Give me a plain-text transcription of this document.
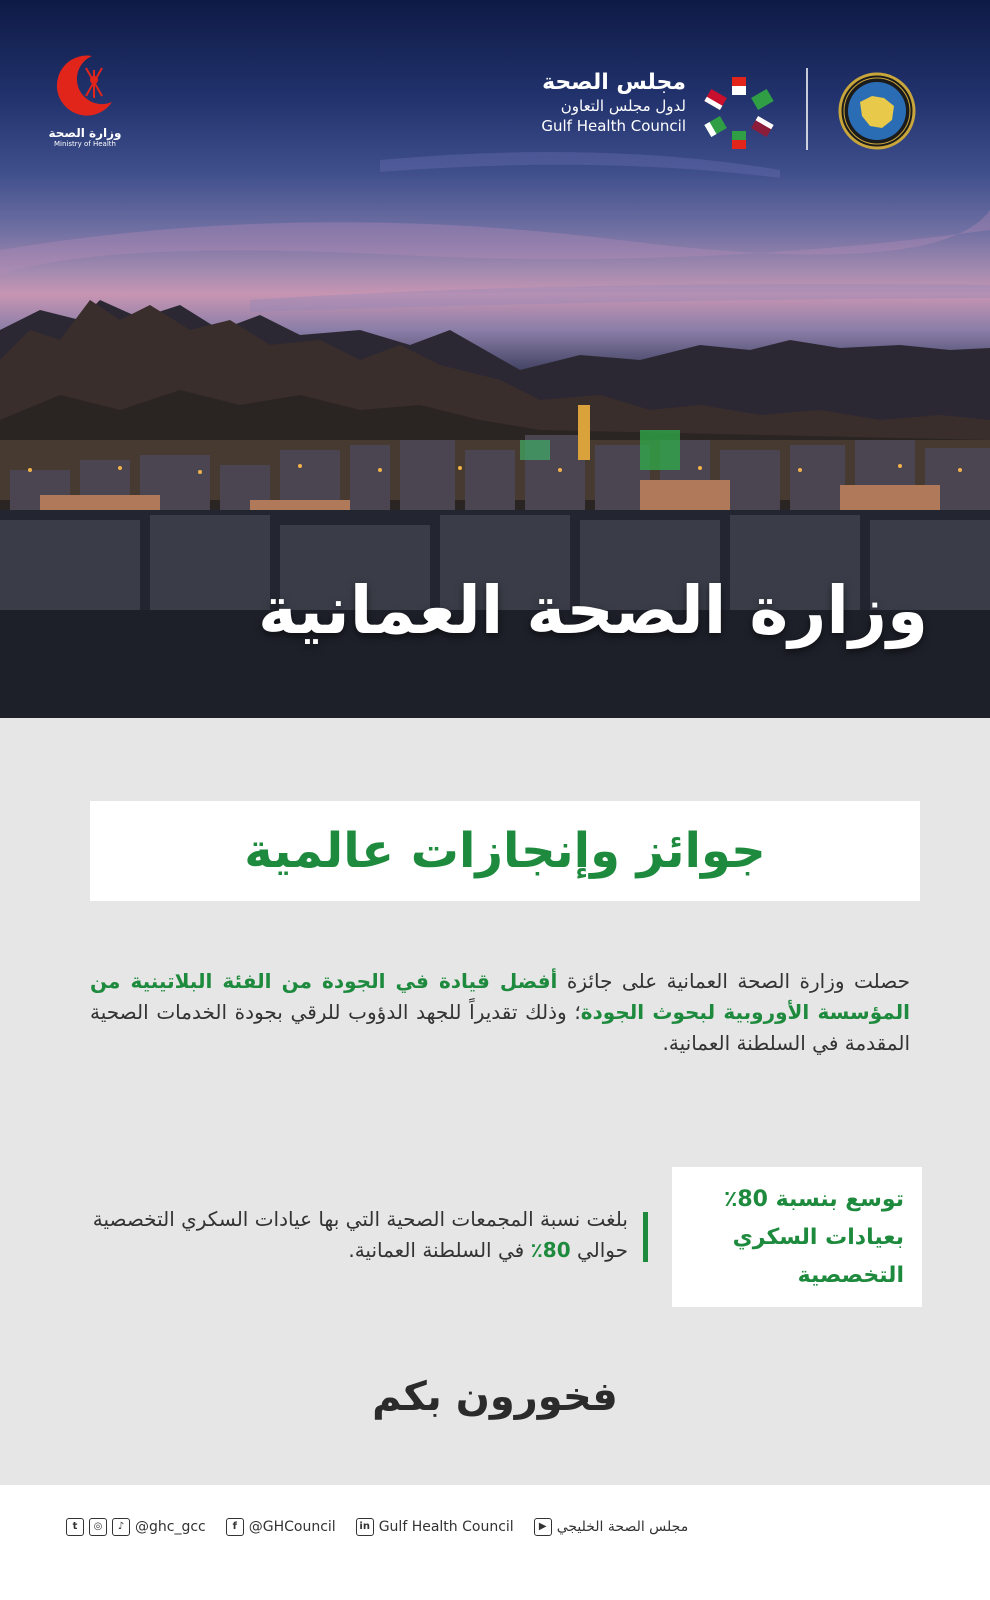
وزارة الصحة
Ministry of Health
مجلس الصحة
لدول مجلس التعاون
Gulf Health Council
وزارة الصحة العمانية
جوائز وإنجازات عالمية

حصلت وزارة الصحة العمانية على جائزة أفضل قيادة في الجودة من الفئة البلاتينية من المؤسسة الأوروبية لبحوث الجودة؛ وذلك تقديراً للجهد الدؤوب للرقي بجودة الخدمات الصحية المقدمة في السلطنة العمانية.

توسع بنسبة 80٪
بعيادات السكري
التخصصية

بلغت نسبة المجمعات الصحية التي بها عيادات السكري التخصصية حوالي 80٪ في السلطنة العمانية.

فخورون بكم
t	◎	♪ @ghc_gcc	f @GHCouncil	in Gulf Health Council	▶ مجلس الصحة الخليجي
